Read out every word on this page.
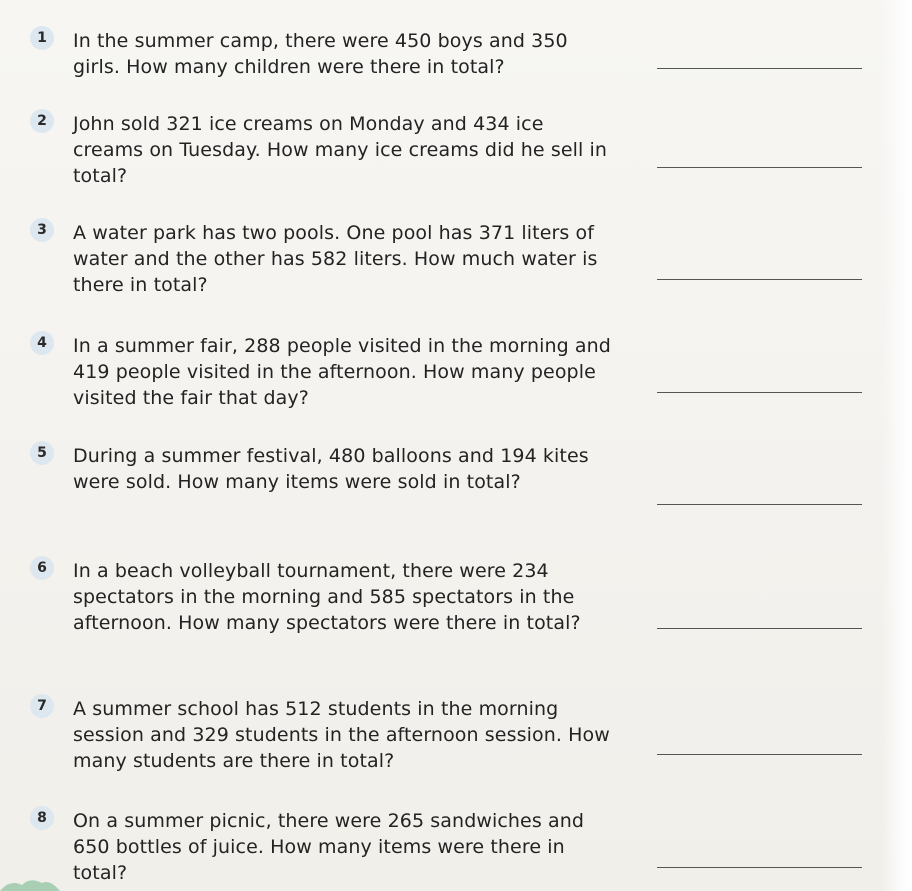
1	In the summer camp, there were 450 boys and 350 girls. How many children were there in total?
2	John sold 321 ice creams on Monday and 434 ice creams on Tuesday. How many ice creams did he sell in total?
3	A water park has two pools. One pool has 371 liters of water and the other has 582 liters. How much water is there in total?
4	In a summer fair, 288 people visited in the morning and 419 people visited in the afternoon. How many people visited the fair that day?
5	During a summer festival, 480 balloons and 194 kites were sold. How many items were sold in total?
6	In a beach volleyball tournament, there were 234 spectators in the morning and 585 spectators in the afternoon. How many spectators were there in total?
7	A summer school has 512 students in the morning session and 329 students in the afternoon session. How many students are there in total?
8	On a summer picnic, there were 265 sandwiches and 650 bottles of juice. How many items were there in total?
